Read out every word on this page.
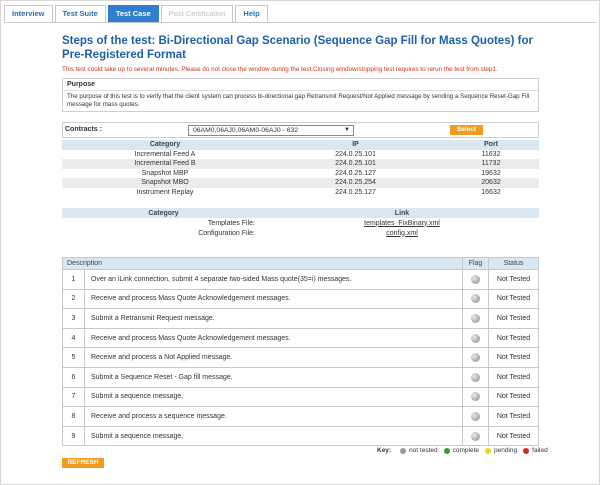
Interview	Test Suite	Test Case	Post Certification	Help
Steps of the test: Bi-Directional Gap Scenario (Sequence Gap Fill for Mass Quotes) for Pre-Registered Format
This test could take up to several minutes. Please do not close the window during the test.Closing window/stopping test requires to rerun the test from step1.
Purpose
The purpose of this test is to verify that the client system can process bi-directional gap Retransmit Request/Not Applied message by sending a Sequence Reset-Gap Fill message for mass quotes.
Contracts :	06AM0,06AJ0,06AM0-06AJ0 - 632	▼	Select
Category	IP	Port
Incremental Feed A	224.0.25.101	11632
Incremental Feed B	224.0.25.101	11732
Snapshot MBP	224.0.25.127	19632
Snapshot MBO	224.0.25.254	20632
Instrument Replay	224.0.25.127	16632
Category	Link
Templates File:	templates_FixBinary.xml
Configuration File:	config.xml
Description		Flag	Status
1	Over an iLink connection, submit 4 separate two-sided Mass quote(35=i) messages.		Not Tested
2	Receive and process Mass Quote Acknowledgement messages.		Not Tested
3	Submit a Retransmit Request message.		Not Tested
4	Receive and process Mass Quote Acknowledgement messages.		Not Tested
5	Receive and process a Not Applied message.		Not Tested
6	Submit a Sequence Reset - Gap fill message.		Not Tested
7	Submit a sequence message.		Not Tested
8	Receive and process a sequence message.		Not Tested
9	Submit a sequence message.		Not Tested
Key:	not tested complete pending failed
REFRESH
